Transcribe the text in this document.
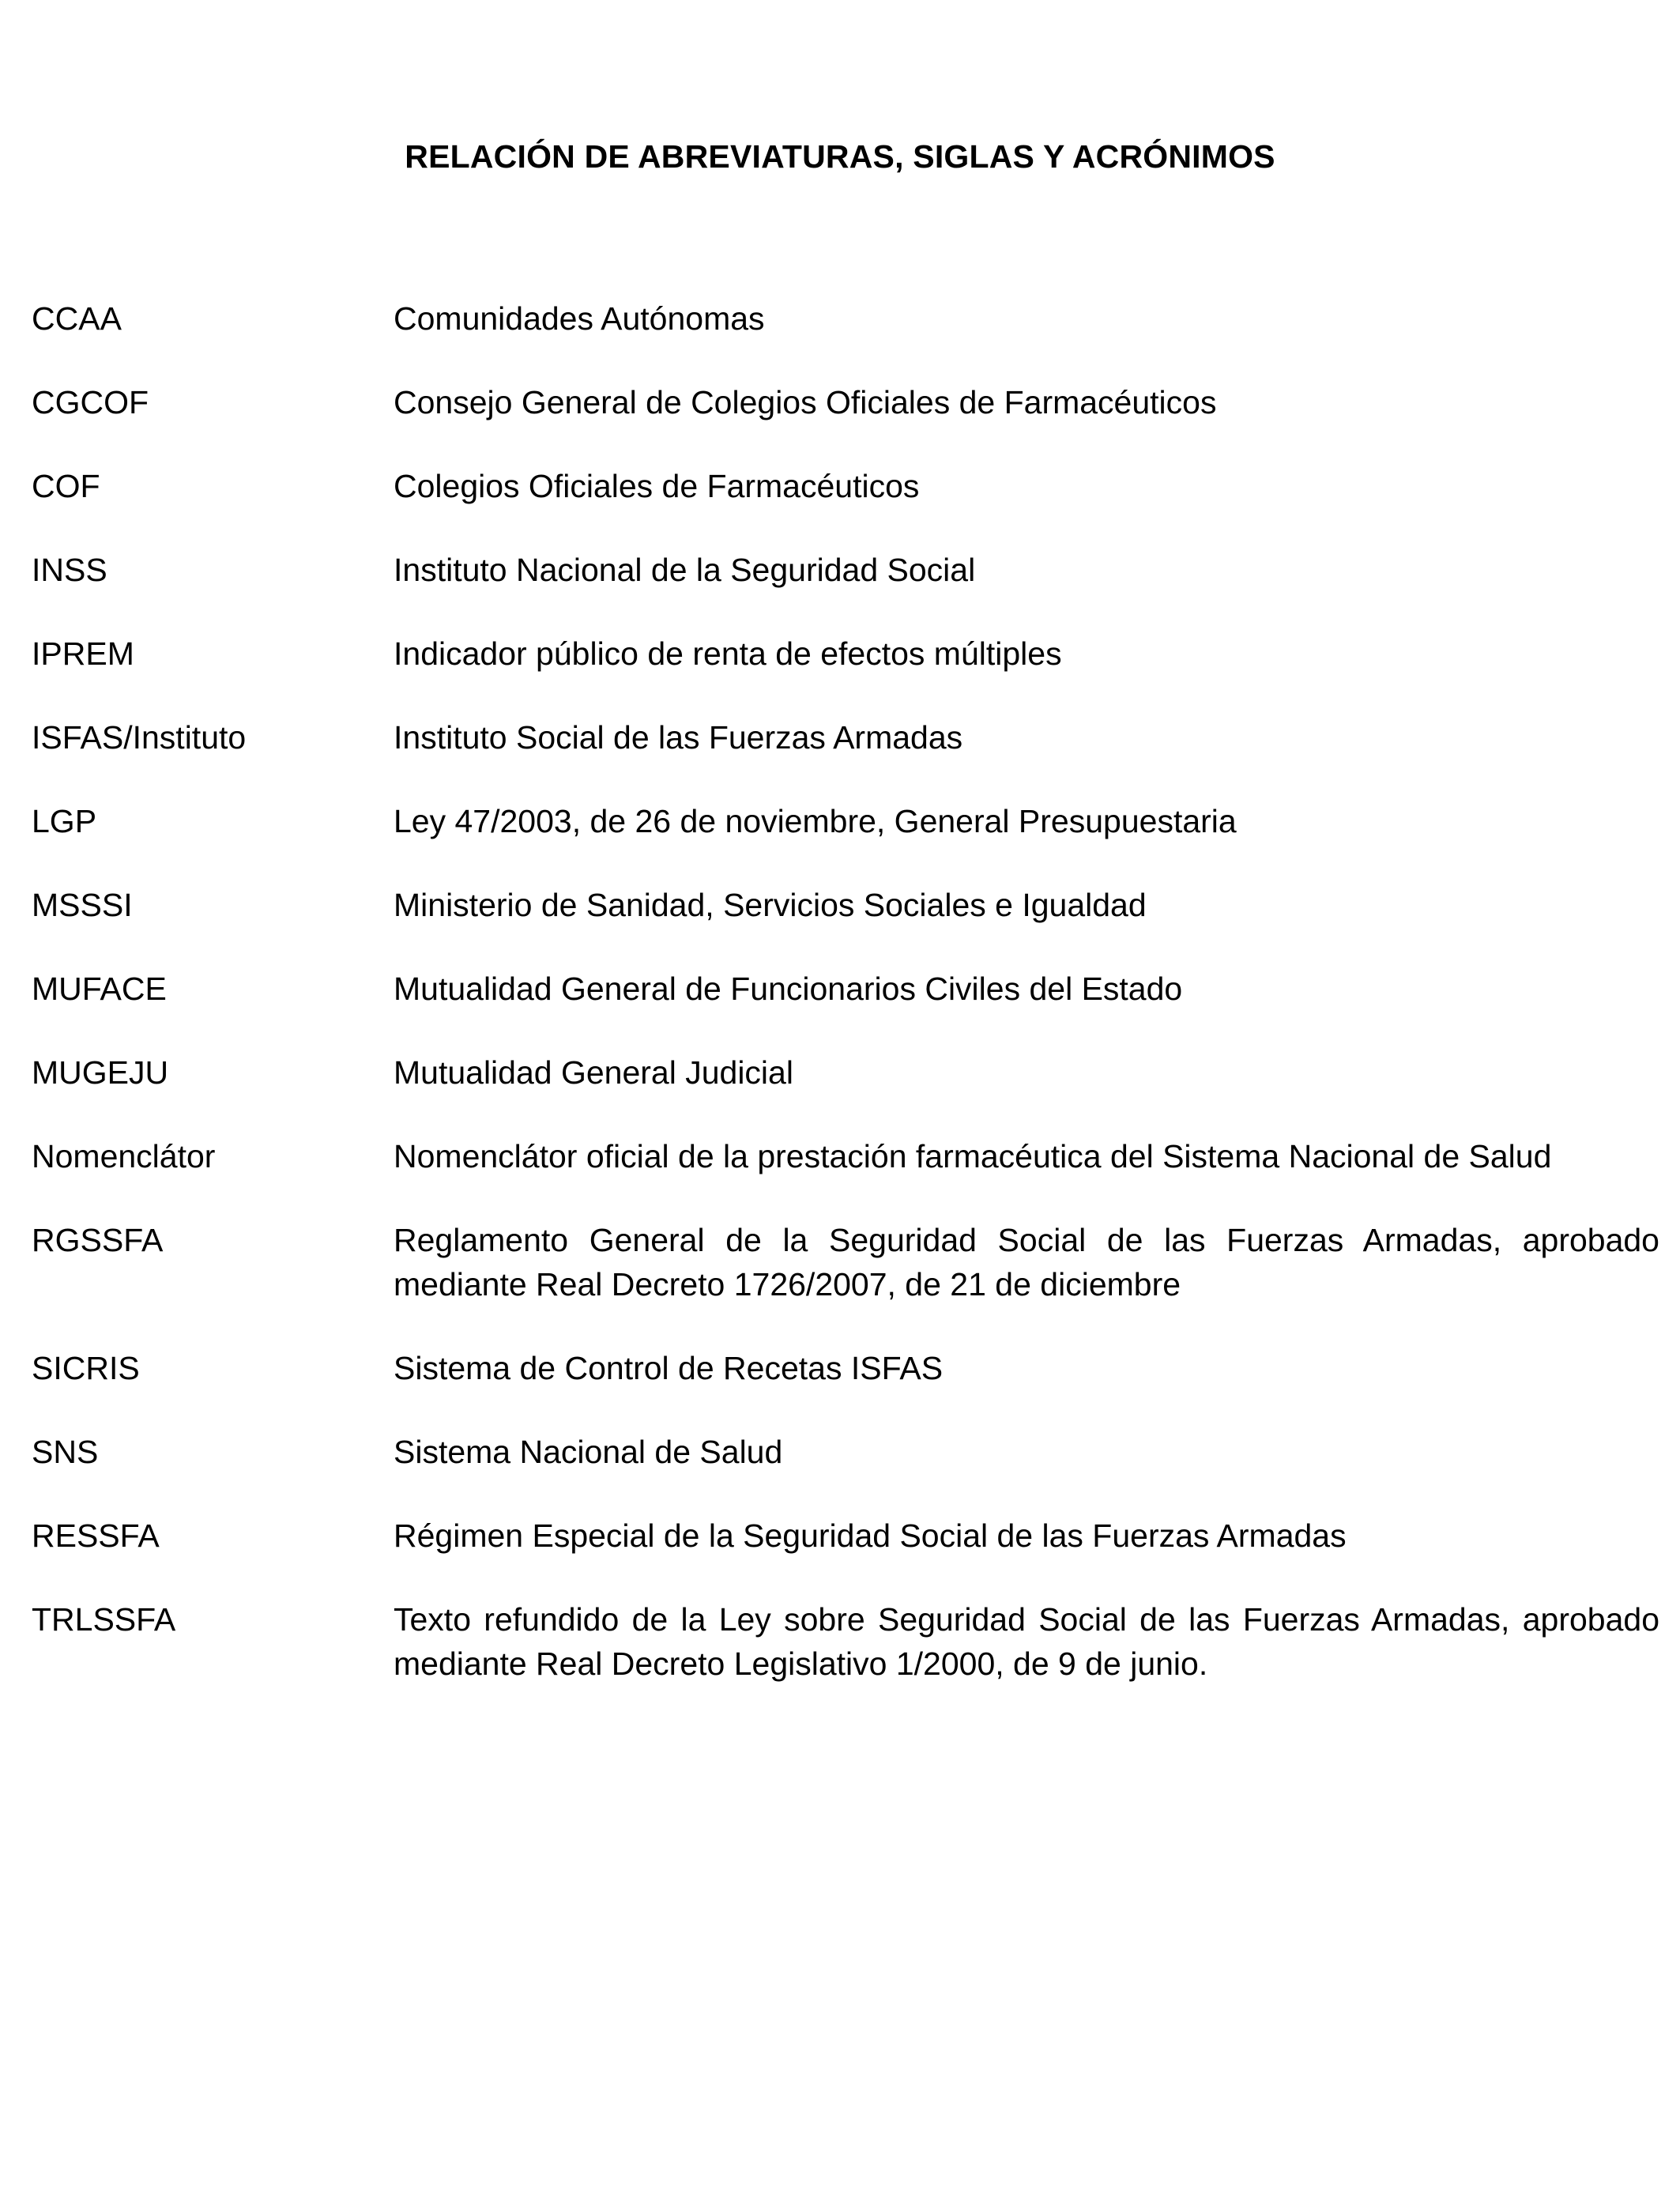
RELACIÓN DE ABREVIATURAS, SIGLAS Y ACRÓNIMOS
CCAA	Comunidades Autónomas
CGCOF	Consejo General de Colegios Oficiales de Farmacéuticos
COF	Colegios Oficiales de Farmacéuticos
INSS	Instituto Nacional de la Seguridad Social
IPREM	Indicador público de renta de efectos múltiples
ISFAS/Instituto	Instituto Social de las Fuerzas Armadas
LGP	Ley 47/2003, de 26 de noviembre, General Presupuestaria
MSSSI	Ministerio de Sanidad, Servicios Sociales e Igualdad
MUFACE	Mutualidad General de Funcionarios Civiles del Estado
MUGEJU	Mutualidad General Judicial
Nomenclátor	Nomenclátor oficial de la prestación farmacéutica del Sistema Nacional de Salud
RGSSFA	Reglamento General de la Seguridad Social de las Fuerzas Armadas, aprobado mediante Real Decreto 1726/2007, de 21 de diciembre
SICRIS	Sistema de Control de Recetas ISFAS
SNS	Sistema Nacional de Salud
RESSFA	Régimen Especial de la Seguridad Social de las Fuerzas Armadas
TRLSSFA	Texto refundido de la Ley sobre Seguridad Social de las Fuerzas Armadas, aprobado mediante Real Decreto Legislativo 1/2000, de 9 de junio.
